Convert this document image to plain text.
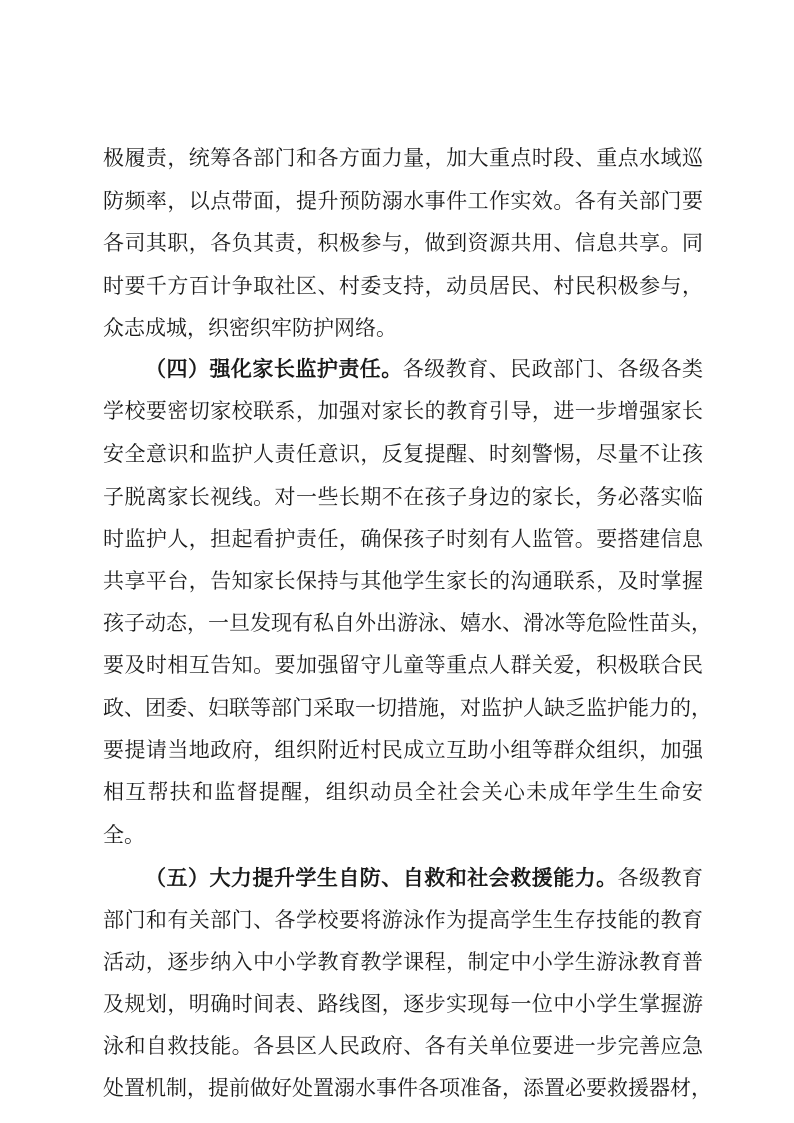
极履责，统筹各部门和各方面力量，加大重点时段、重点水域巡
防频率，以点带面，提升预防溺水事件工作实效。各有关部门要
各司其职，各负其责，积极参与，做到资源共用、信息共享。同
时要千方百计争取社区、村委支持，动员居民、村民积极参与，
众志成城，织密织牢防护网络。
（四）强化家长监护责任。各级教育、民政部门、各级各类
学校要密切家校联系，加强对家长的教育引导，进一步增强家长
安全意识和监护人责任意识，反复提醒、时刻警惕，尽量不让孩
子脱离家长视线。对一些长期不在孩子身边的家长，务必落实临
时监护人，担起看护责任，确保孩子时刻有人监管。要搭建信息
共享平台，告知家长保持与其他学生家长的沟通联系，及时掌握
孩子动态，一旦发现有私自外出游泳、嬉水、滑冰等危险性苗头，
要及时相互告知。要加强留守儿童等重点人群关爱，积极联合民
政、团委、妇联等部门采取一切措施，对监护人缺乏监护能力的，
要提请当地政府，组织附近村民成立互助小组等群众组织，加强
相互帮扶和监督提醒，组织动员全社会关心未成年学生生命安
全。
（五）大力提升学生自防、自救和社会救援能力。各级教育
部门和有关部门、各学校要将游泳作为提高学生生存技能的教育
活动，逐步纳入中小学教育教学课程，制定中小学生游泳教育普
及规划，明确时间表、路线图，逐步实现每一位中小学生掌握游
泳和自救技能。各县区人民政府、各有关单位要进一步完善应急
处置机制，提前做好处置溺水事件各项准备，添置必要救援器材，
